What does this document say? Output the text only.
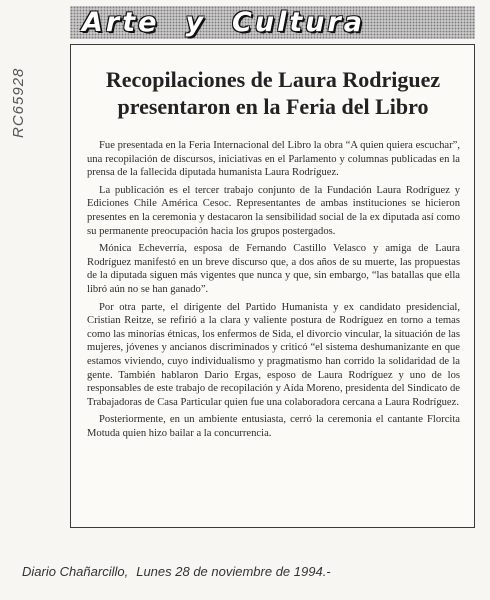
Arte y Cultura
RC65928	Recopilaciones de Laura Rodriguez
presentaron en la Feria del Libro

Fue presentada en la Feria Internacional del Libro la obra “A quien quiera escuchar”, una recopilación de discursos, iniciativas en el Parlamento y columnas publicadas en la prensa de la fallecida diputada humanista Laura Rodríguez.

La publicación es el tercer trabajo conjunto de la Fundación Laura Rodríguez y Ediciones Chile América Cesoc. Representantes de ambas instituciones se hicieron presentes en la ceremonia y destacaron la sensibilidad social de la ex diputada así como su permanente preocupación hacia los grupos postergados.

Mónica Echeverría, esposa de Fernando Castillo Velasco y amiga de Laura Rodríguez manifestó en un breve discurso que, a dos años de su muerte, las propuestas de la diputada siguen más vigentes que nunca y que, sin embargo, “las batallas que ella libró aún no se han ganado”.

Por otra parte, el dirigente del Partido Humanista y ex candidato presidencial, Cristian Reitze, se refirió a la clara y valiente postura de Rodríguez en torno a temas como las minorías étnicas, los enfermos de Sida, el divorcio vincular, la situación de las mujeres, jóvenes y ancianos discriminados y criticó “el sistema deshumanizante en que estamos viviendo, cuyo individualismo y pragmatismo han corrido la solidaridad de la gente. También hablaron Dario Ergas, esposo de Laura Rodríguez y uno de los responsables de este trabajo de recopilación y Aída Moreno, presidenta del Sindicato de Trabajadoras de Casa Particular quien fue una colaboradora cercana a Laura Rodríguez.

Posteriormente, en un ambiente entusiasta, cerró la ceremonia el cantante Florcita Motuda quien hizo bailar a la concurrencia.

Diario Chañarcillo, Lunes 28 de noviembre de 1994.-
